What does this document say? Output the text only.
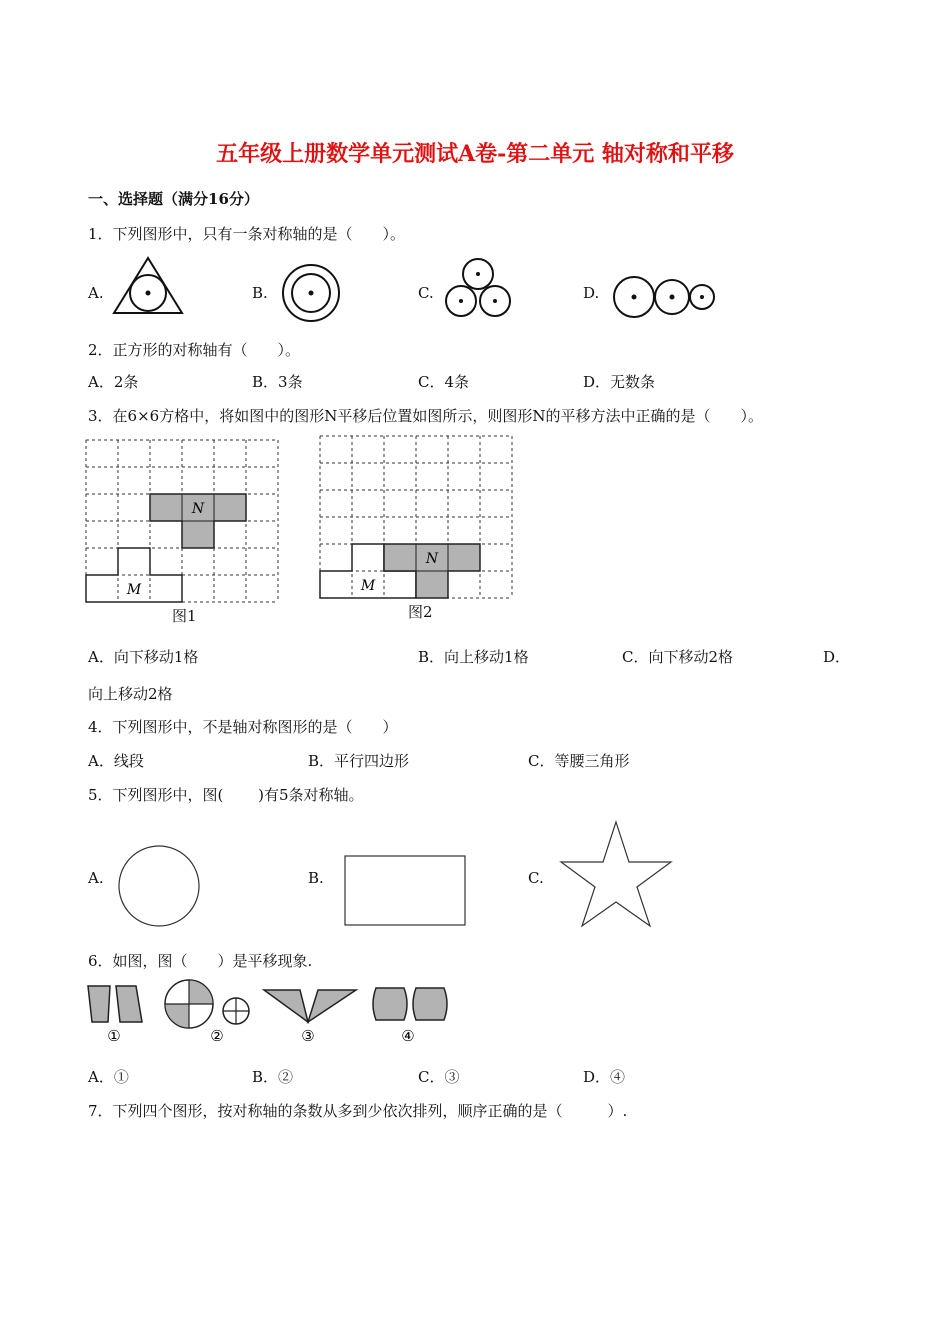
五年级上册数学单元测试A卷-第二单元 轴对称和平移
一、选择题（满分16分）
1．下列图形中，只有一条对称轴的是（　　）。
A.	B.	C.	D.
2．正方形的对称轴有（　　）。
A．2条	B．3条	C．4条	D．无数条
3．在6×6方格中，将如图中的图形N平移后位置如图所示，则图形N的平移方法中正确的是（　　）。
N
M
图1
N
M
图2
A．向下移动1格	B．向上移动1格	C．向下移动2格	D．
向上移动2格
4．下列图形中，不是轴对称图形的是（　　）
A．线段	B．平行四边形	C．等腰三角形
5．下列图形中，图(　　 )有5条对称轴。
A.	B.	C.
6．如图，图（　　）是平移现象.
①	②	③	④
A．①	B．②	C．③	D．④
7．下列四个图形，按对称轴的条数从多到少依次排列，顺序正确的是（　　　）.
